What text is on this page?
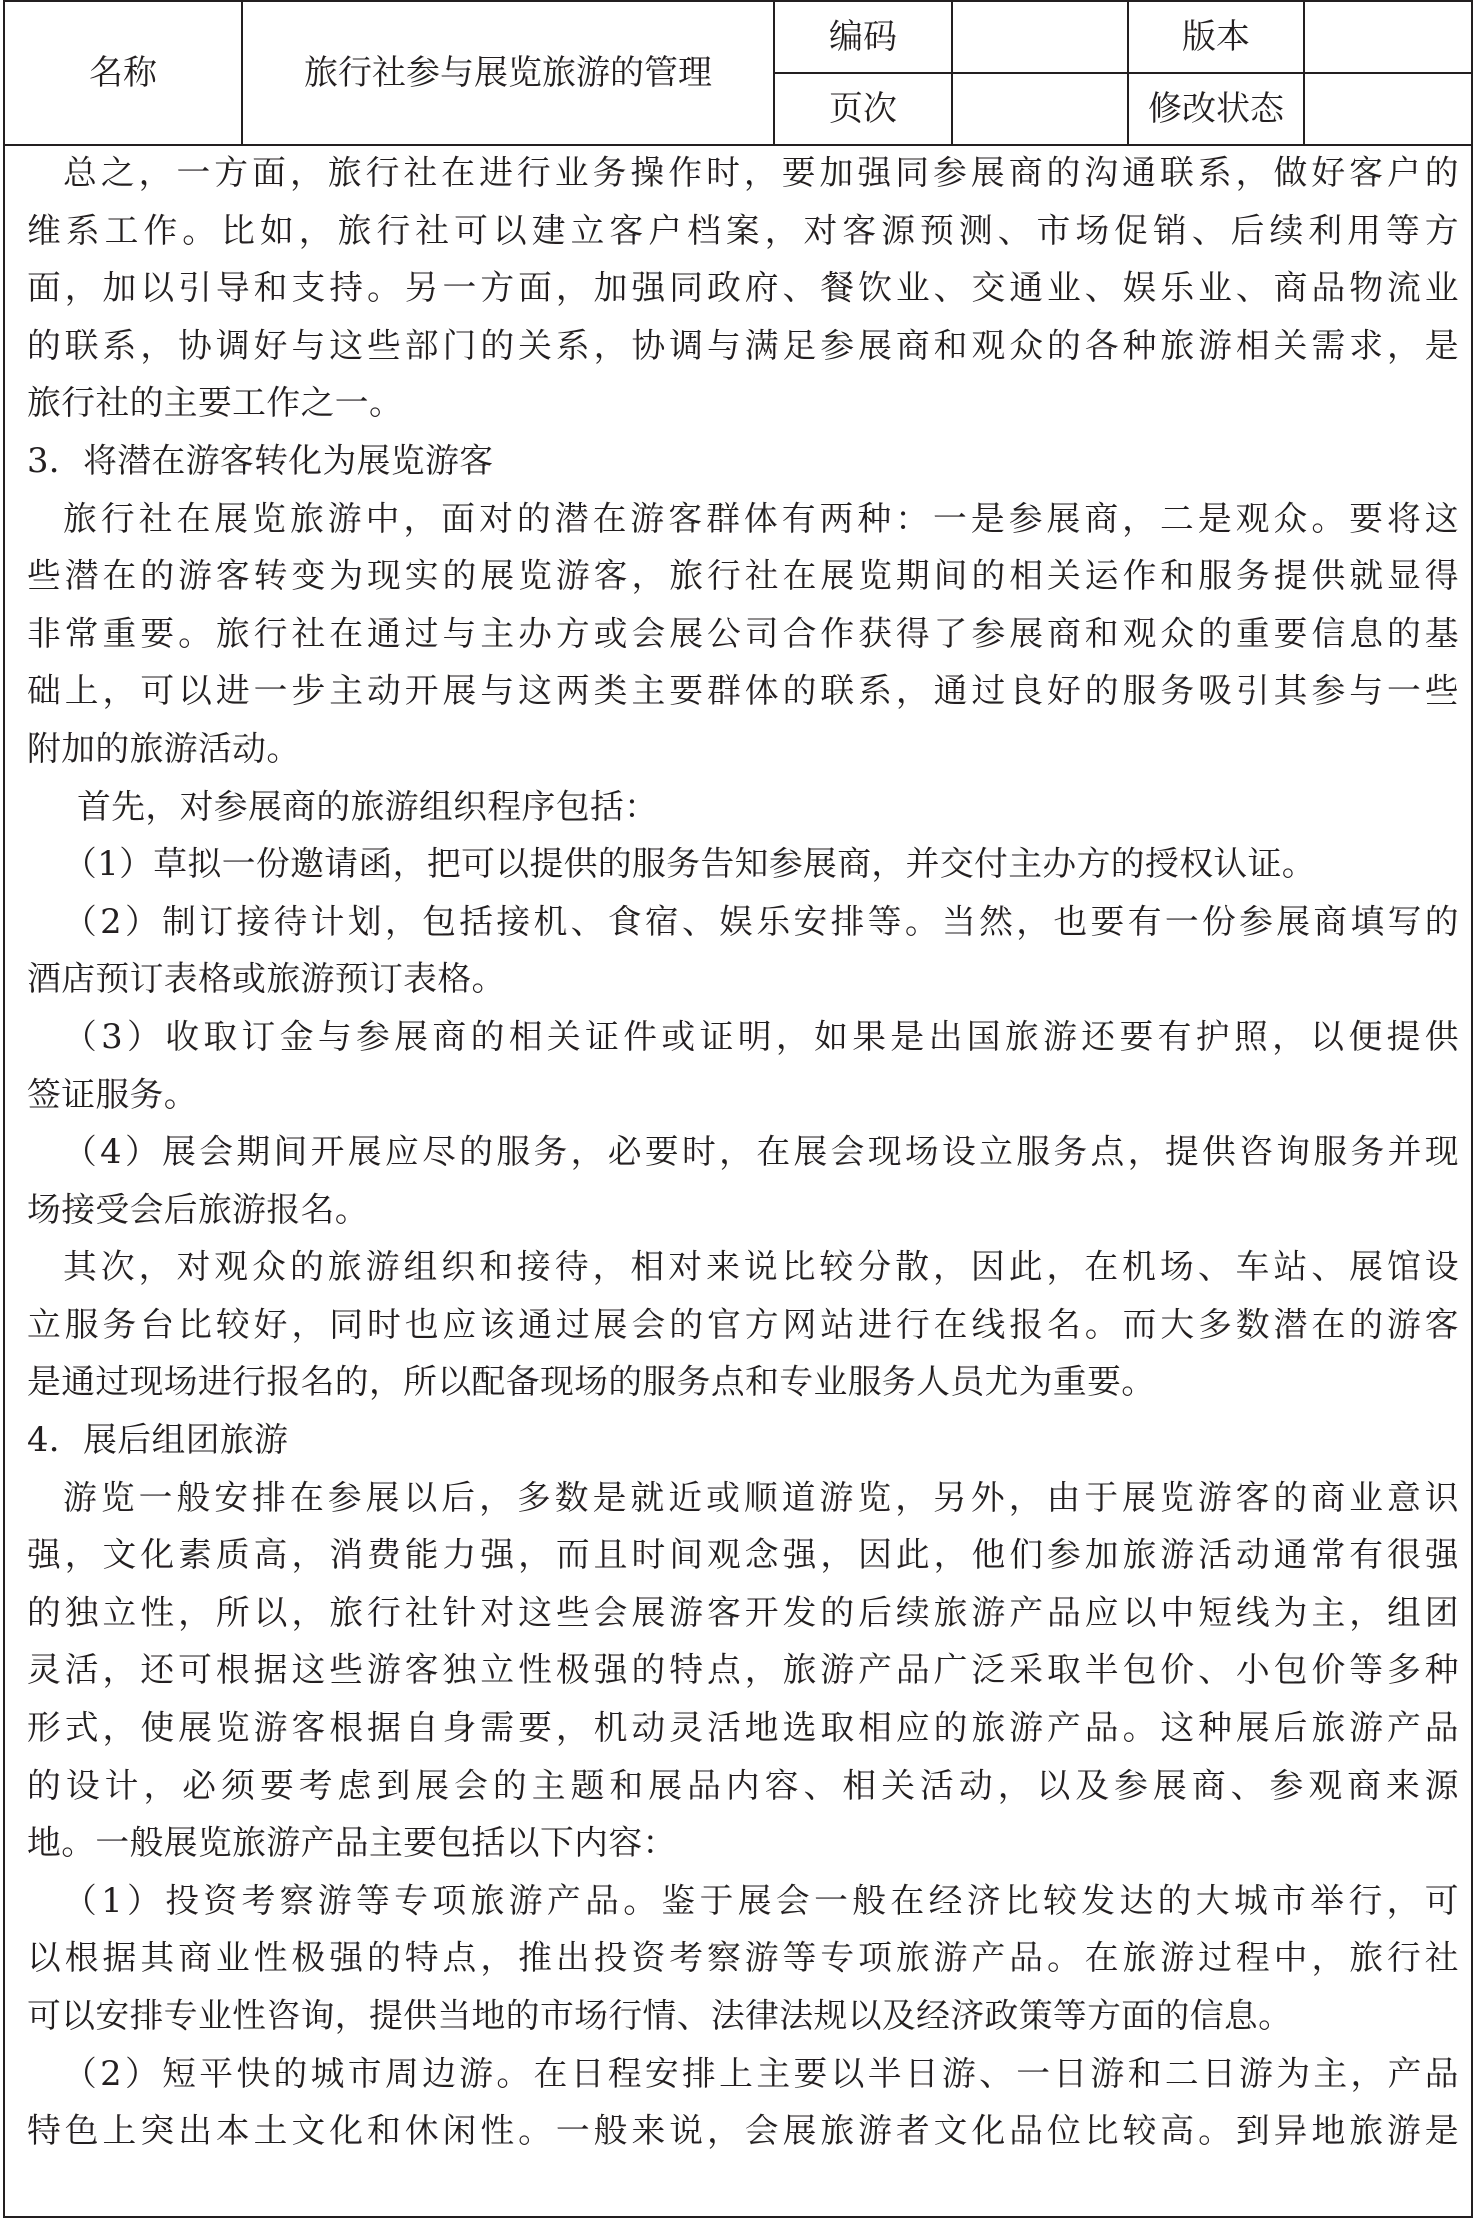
名称	旅行社参与展览旅游的管理
编码
页次
版本
修改状态
总之，一方面，旅行社在进行业务操作时，要加强同参展商的沟通联系，做好客户的
维系工作。比如，旅行社可以建立客户档案，对客源预测、市场促销、后续利用等方
面，加以引导和支持。另一方面，加强同政府、餐饮业、交通业、娱乐业、商品物流业
的联系，协调好与这些部门的关系，协调与满足参展商和观众的各种旅游相关需求，是
旅行社的主要工作之一。
3．将潜在游客转化为展览游客
旅行社在展览旅游中，面对的潜在游客群体有两种：一是参展商，二是观众。要将这
些潜在的游客转变为现实的展览游客，旅行社在展览期间的相关运作和服务提供就显得
非常重要。旅行社在通过与主办方或会展公司合作获得了参展商和观众的重要信息的基
础上，可以进一步主动开展与这两类主要群体的联系，通过良好的服务吸引其参与一些
附加的旅游活动。
首先，对参展商的旅游组织程序包括：
（1）草拟一份邀请函，把可以提供的服务告知参展商，并交付主办方的授权认证。
（2）制订接待计划，包括接机、食宿、娱乐安排等。当然，也要有一份参展商填写的
酒店预订表格或旅游预订表格。
（3）收取订金与参展商的相关证件或证明，如果是出国旅游还要有护照，以便提供
签证服务。
（4）展会期间开展应尽的服务，必要时，在展会现场设立服务点，提供咨询服务并现
场接受会后旅游报名。
其次，对观众的旅游组织和接待，相对来说比较分散，因此，在机场、车站、展馆设
立服务台比较好，同时也应该通过展会的官方网站进行在线报名。而大多数潜在的游客
是通过现场进行报名的，所以配备现场的服务点和专业服务人员尤为重要。
4．展后组团旅游
游览一般安排在参展以后，多数是就近或顺道游览，另外，由于展览游客的商业意识
强，文化素质高，消费能力强，而且时间观念强，因此，他们参加旅游活动通常有很强
的独立性，所以，旅行社针对这些会展游客开发的后续旅游产品应以中短线为主，组团
灵活，还可根据这些游客独立性极强的特点，旅游产品广泛采取半包价、小包价等多种
形式，使展览游客根据自身需要，机动灵活地选取相应的旅游产品。这种展后旅游产品
的设计，必须要考虑到展会的主题和展品内容、相关活动，以及参展商、参观商来源
地。一般展览旅游产品主要包括以下内容：
（1）投资考察游等专项旅游产品。鉴于展会一般在经济比较发达的大城市举行，可
以根据其商业性极强的特点，推出投资考察游等专项旅游产品。在旅游过程中，旅行社
可以安排专业性咨询，提供当地的市场行情、法律法规以及经济政策等方面的信息。
（2）短平快的城市周边游。在日程安排上主要以半日游、一日游和二日游为主，产品
特色上突出本土文化和休闲性。一般来说，会展旅游者文化品位比较高。到异地旅游是
